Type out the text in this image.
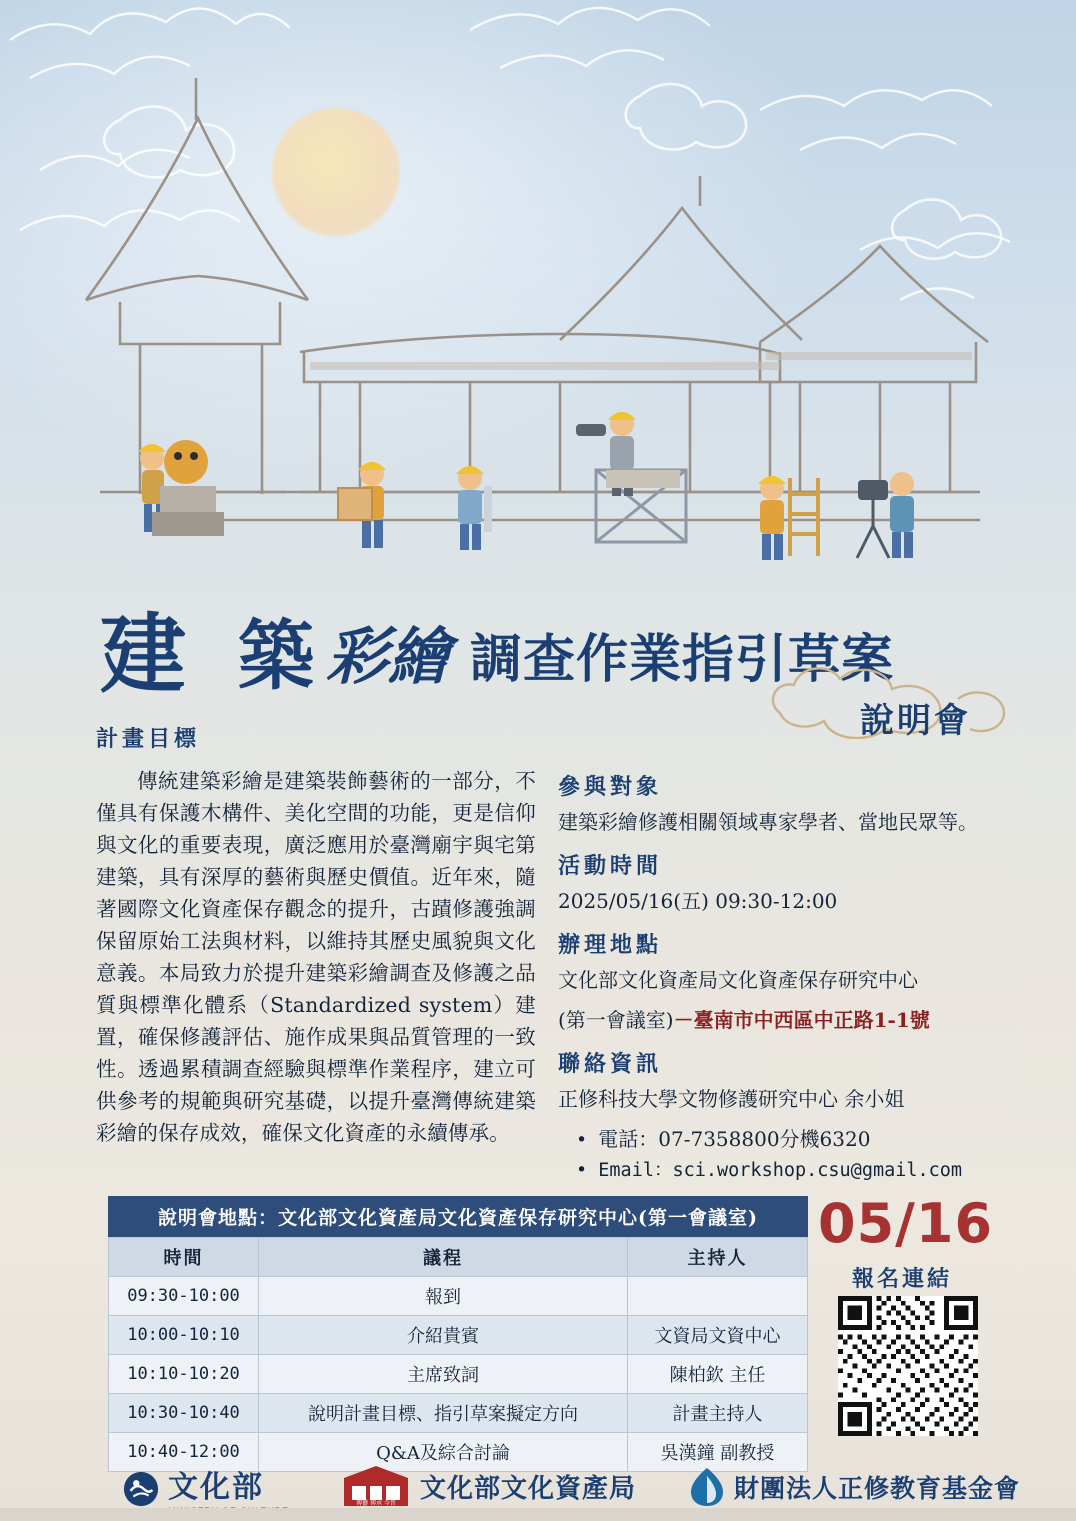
建 築 彩繪 調查作業指引草案
說明會
計畫目標
傳統建築彩繪是建築裝飾藝術的一部分，不僅具有保護木構件、美化空間的功能，更是信仰與文化的重要表現，廣泛應用於臺灣廟宇與宅第建築，具有深厚的藝術與歷史價值。近年來，隨著國際文化資產保存觀念的提升，古蹟修護強調保留原始工法與材料，以維持其歷史風貌與文化意義。本局致力於提升建築彩繪調查及修護之品質與標準化體系（Standardized system）建置，確保修護評估、施作成果與品質管理的一致性。透過累積調查經驗與標準作業程序，建立可供參考的規範與研究基礎，以提升臺灣傳統建築彩繪的保存成效，確保文化資產的永續傳承。
參與對象
建築彩繪修護相關領域專家學者、當地民眾等。
活動時間
2025/05/16(五) 09:30-12:00
辦理地點
文化部文化資產局文化資產保存研究中心
(第一會議室)－臺南市中西區中正路1-1號
聯絡資訊
正修科技大學文物修護研究中心 余小姐
• 電話：07-7358800分機6320
• Email：sci.workshop.csu@gmail.com
說明會地點：文化部文化資產局文化資產保存研究中心(第一會議室)
時間	議程	主持人
09:30-10:00	報到	
10:00-10:10	介紹貴賓	文資局文資中心
10:10-10:20	主席致詞	陳柏欽 主任
10:30-10:40	說明計畫目標、指引草案擬定方向	計畫主持人
10:40-12:00	Q&A及綜合討論	吳漢鐘 副教授
05/16
報名連結
文化部	傳藝 傳承 今昔 文化部文化資產局	財團法人正修教育基金會
